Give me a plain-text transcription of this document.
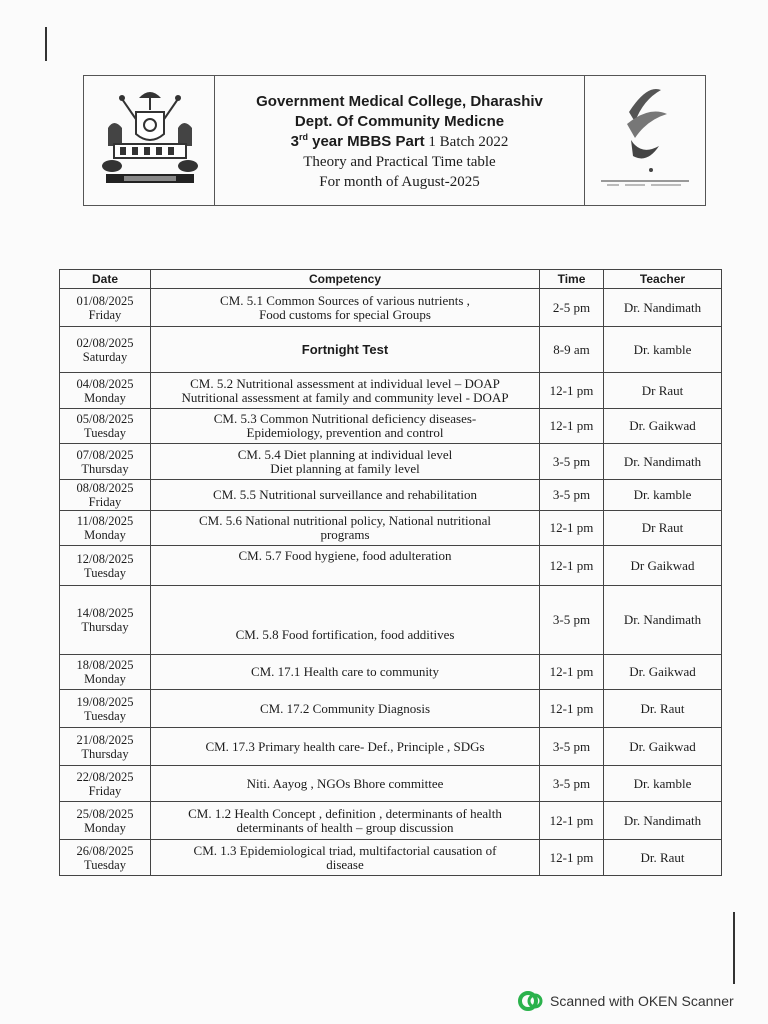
Government Medical College, Dharashiv
Dept. Of Community Medicne
3rd year MBBS Part 1 Batch 2022
Theory and Practical Time table
For month of August-2025
Date	Competency	Time	Teacher

01/08/2025
Friday	CM. 5.1 Common Sources of various nutrients ,
Food customs for special Groups	2-5 pm	Dr. Nandimath

02/08/2025
Saturday	Fortnight Test	8-9 am	Dr. kamble

04/08/2025
Monday	CM. 5.2 Nutritional assessment at individual level – DOAP
Nutritional assessment at family and community level - DOAP	12-1 pm	Dr Raut

05/08/2025
Tuesday	CM. 5.3 Common Nutritional deficiency diseases-
Epidemiology, prevention and control	12-1 pm	Dr. Gaikwad

07/08/2025
Thursday	CM. 5.4 Diet planning at individual level
Diet planning at family level	3-5 pm	Dr. Nandimath

08/08/2025
Friday	CM. 5.5 Nutritional surveillance and rehabilitation	3-5 pm	Dr. kamble

11/08/2025
Monday	CM. 5.6 National nutritional policy, National nutritional
programs	12-1 pm	Dr Raut

12/08/2025
Tuesday	CM. 5.7 Food hygiene, food adulteration	12-1 pm	Dr Gaikwad

14/08/2025
Thursday	CM. 5.8 Food fortification, food additives	3-5 pm	Dr. Nandimath

18/08/2025
Monday	CM. 17.1 Health care to community	12-1 pm	Dr. Gaikwad

19/08/2025
Tuesday	CM. 17.2 Community Diagnosis	12-1 pm	Dr. Raut

21/08/2025
Thursday	CM. 17.3 Primary health care- Def., Principle , SDGs	3-5 pm	Dr. Gaikwad

22/08/2025
Friday	Niti. Aayog , NGOs Bhore committee	3-5 pm	Dr. kamble

25/08/2025
Monday	CM. 1.2 Health Concept , definition , determinants of health
determinants of health – group discussion	12-1 pm	Dr. Nandimath

26/08/2025
Tuesday	CM. 1.3 Epidemiological triad, multifactorial causation of
disease	12-1 pm	Dr. Raut
Scanned with OKEN Scanner
